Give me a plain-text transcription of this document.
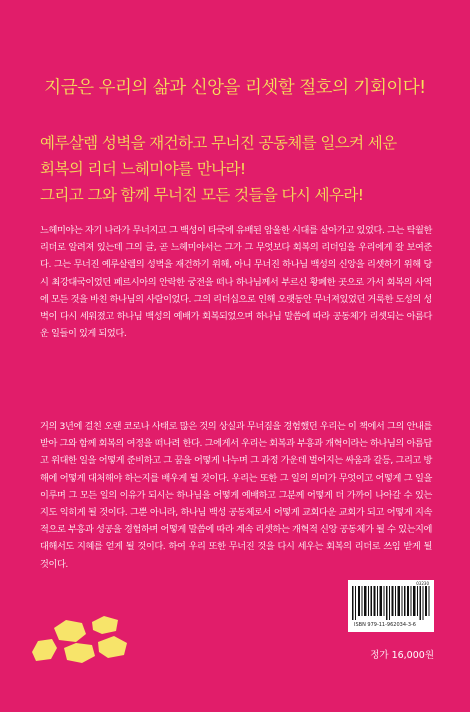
지금은 우리의 삶과 신앙을 리셋할 절호의 기회이다!
예루살렘 성벽을 재건하고 무너진 공동체를 일으켜 세운
회복의 리더 느헤미야를 만나라!
그리고 그와 함께 무너진 모든 것들을 다시 세우라!
느헤미야는 자기 나라가 무너지고 그 백성이 타국에 유배된 암울한 시대를 살아가고 있었다. 그는 탁월한 리더로 알려져 있는데 그의 글, 곧 느헤미야서는 그가 그 무엇보다 회복의 리더임을 우리에게 잘 보여준다. 그는 무너진 예루살렘의 성벽을 재건하기 위해, 아니 무너진 하나님 백성의 신앙을 리셋하기 위해 당시 최강대국이었던 페르시아의 안락한 궁전을 떠나 하나님께서 부르신 황폐한 곳으로 가서 회복의 사역에 모든 것을 바친 하나님의 사람이었다. 그의 리더십으로 인해 오랫동안 무너져있었던 거룩한 도성의 성벽이 다시 세워졌고 하나님 백성의 예배가 회복되었으며 하나님 말씀에 따라 공동체가 리셋되는 아름다운 일들이 있게 되었다.
거의 3년에 걸친 오랜 코로나 사태로 많은 것의 상실과 무너짐을 경험했던 우리는 이 책에서 그의 안내를 받아 그와 함께 회복의 여정을 떠나려 한다. 그에게서 우리는 회복과 부흥과 개혁이라는 하나님의 아름답고 위대한 일을 어떻게 준비하고 그 꿈을 어떻게 나누며 그 과정 가운데 벌어지는 싸움과 갈등, 그리고 방해에 어떻게 대처해야 하는지를 배우게 될 것이다. 우리는 또한 그 일의 의미가 무엇이고 어떻게 그 일을 이루며 그 모든 일의 이유가 되시는 하나님을 어떻게 예배하고 그분께 어떻게 더 가까이 나아갈 수 있는지도 익히게 될 것이다. 그뿐 아니라, 하나님 백성 공동체로서 어떻게 교회다운 교회가 되고 어떻게 지속적으로 부흥과 성공을 경험하며 어떻게 말씀에 따라 계속 리셋하는 개혁적 신앙 공동체가 될 수 있는지에 대해서도 지혜를 얻게 될 것이다. 하여 우리 또한 무너진 것을 다시 세우는 회복의 리더로 쓰임 받게 될 것이다.
03230
ISBN 979-11-962034-3-6
정가 16,000원
